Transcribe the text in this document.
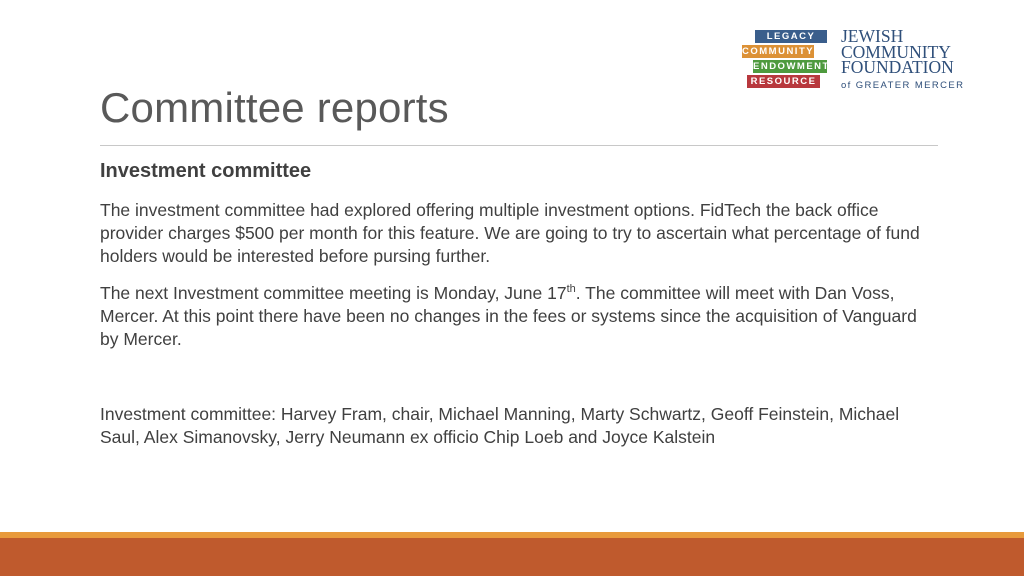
LEGACY
COMMUNITY
ENDOWMENT
RESOURCE
JEWISH
COMMUNITY
FOUNDATION
of GREATER MERCER
Committee reports
Investment committee

The investment committee had explored offering multiple investment options. FidTech the back office provider charges $500 per month for this feature. We are going to try to ascertain what percentage of fund holders would be interested before pursing further.

The next Investment committee meeting is Monday, June 17th. The committee will meet with Dan Voss, Mercer. At this point there have been no changes in the fees or systems since the acquisition of Vanguard by Mercer.

Investment committee: Harvey Fram, chair, Michael Manning, Marty Schwartz, Geoff Feinstein, Michael Saul, Alex Simanovsky, Jerry Neumann ex officio Chip Loeb and Joyce Kalstein
